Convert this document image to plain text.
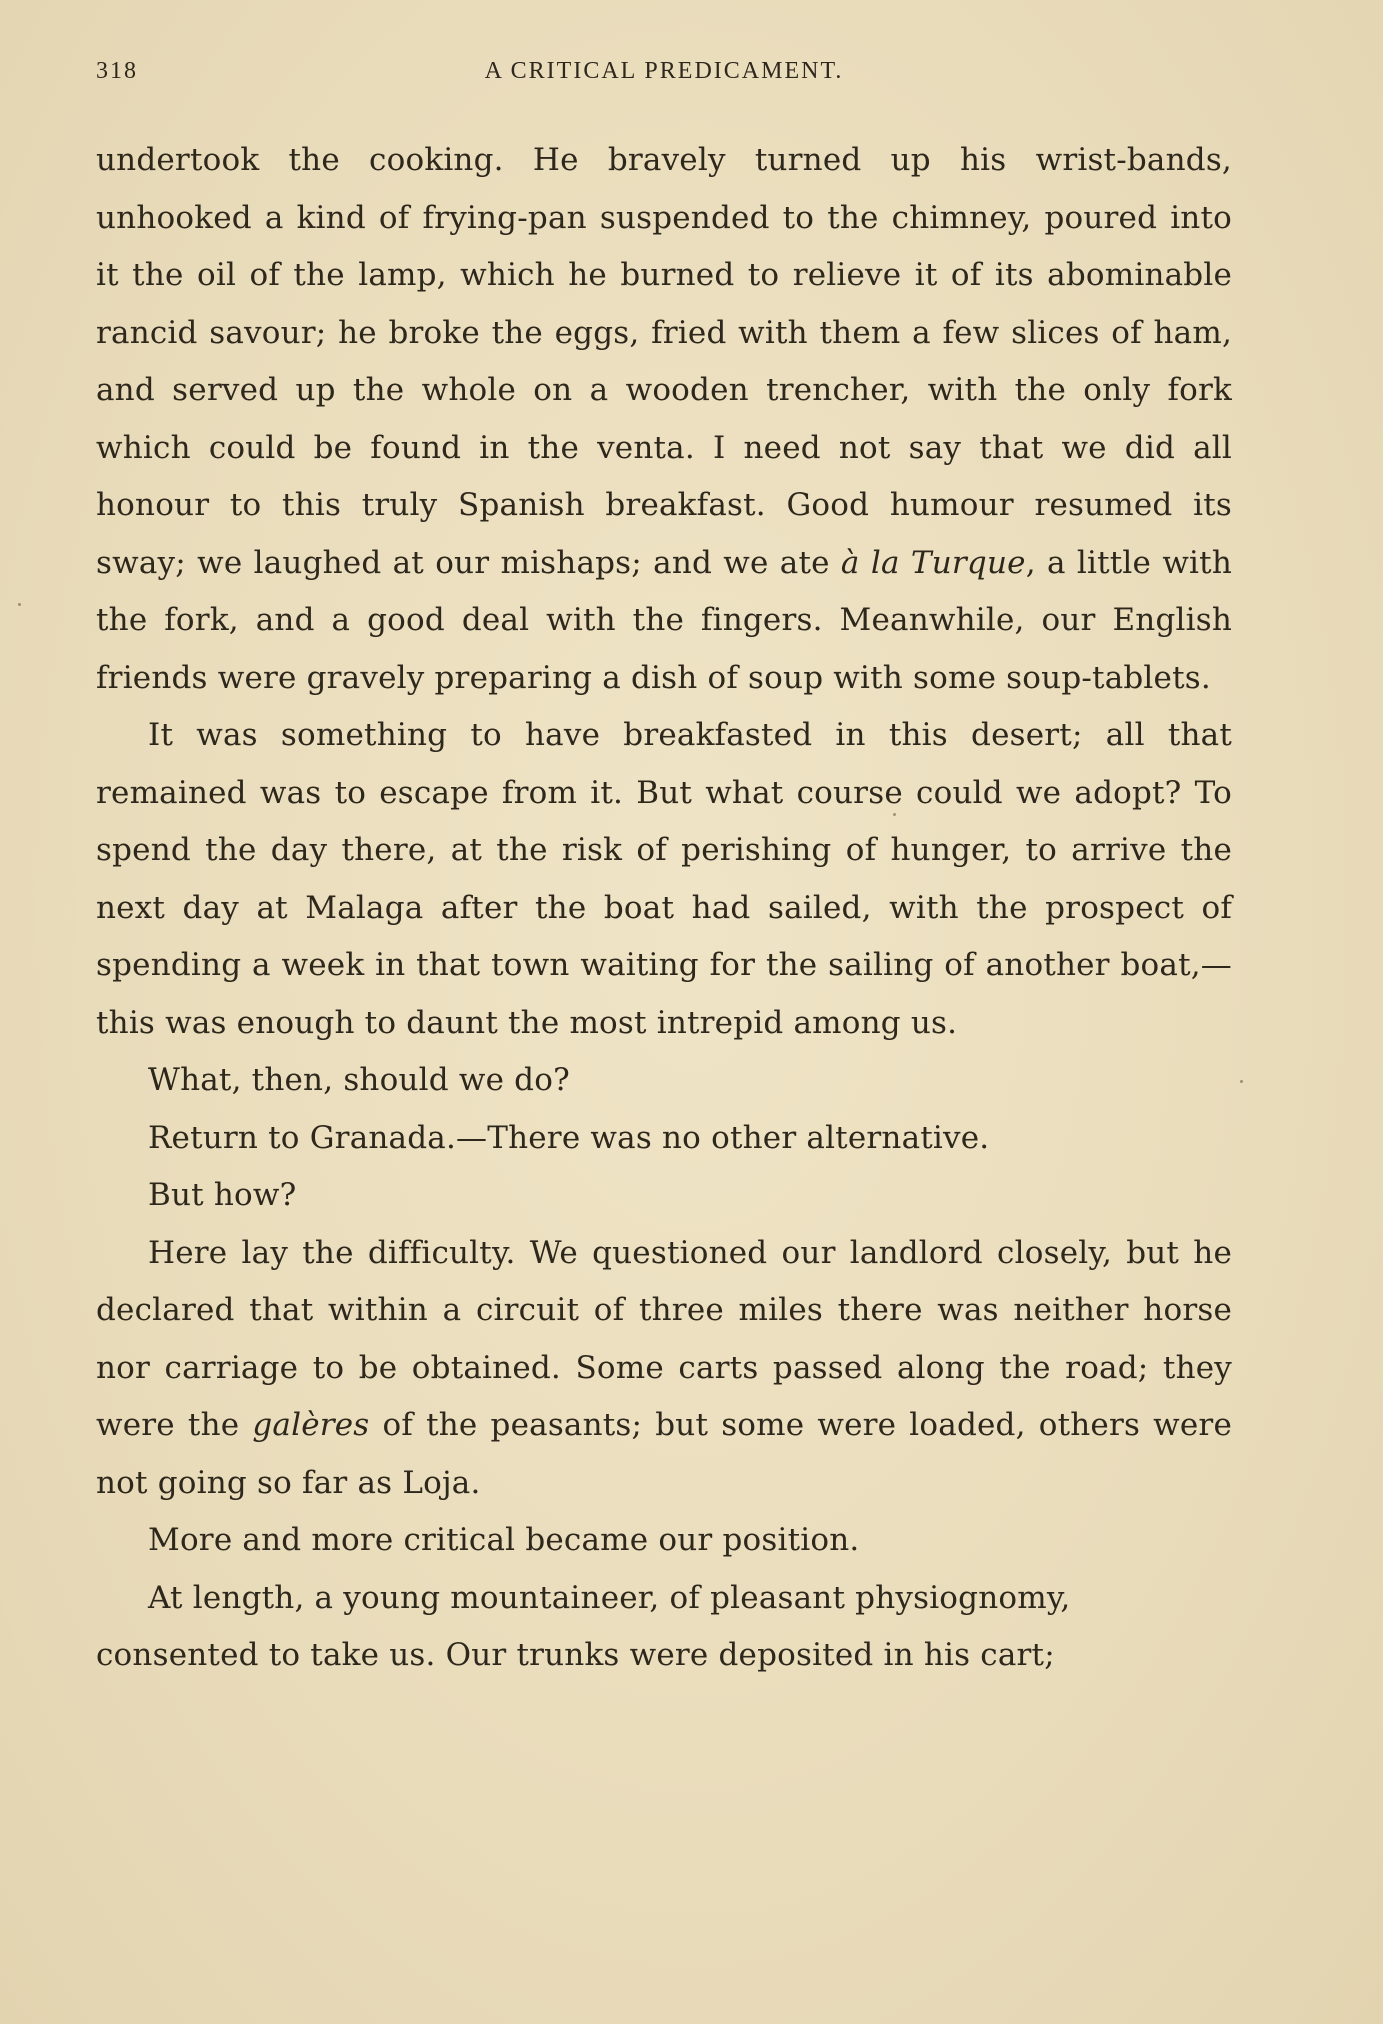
318	A CRITICAL PREDICAMENT.

undertook the cooking. He bravely turned up his wrist-bands, unhooked a kind of frying-pan suspended to the chimney, poured into it the oil of the lamp, which he burned to relieve it of its abominable rancid savour; he broke the eggs, fried with them a few slices of ham, and served up the whole on a wooden trencher, with the only fork which could be found in the venta. I need not say that we did all honour to this truly Spanish breakfast. Good humour resumed its sway; we laughed at our mishaps; and we ate à la Turque, a little with the fork, and a good deal with the fingers. Meanwhile, our English friends were gravely preparing a dish of soup with some soup-tablets.

It was something to have breakfasted in this desert; all that remained was to escape from it. But what course could we adopt? To spend the day there, at the risk of perishing of hunger, to arrive the next day at Malaga after the boat had sailed, with the prospect of spending a week in that town waiting for the sailing of another boat,—this was enough to daunt the most intrepid among us.

What, then, should we do?

Return to Granada.—There was no other alternative.

But how?

Here lay the difficulty. We questioned our landlord closely, but he declared that within a circuit of three miles there was neither horse nor carriage to be obtained. Some carts passed along the road; they were the galères of the peasants; but some were loaded, others were not going so far as Loja.

More and more critical became our position.

At length, a young mountaineer, of pleasant physiognomy, consented to take us. Our trunks were deposited in his cart;
